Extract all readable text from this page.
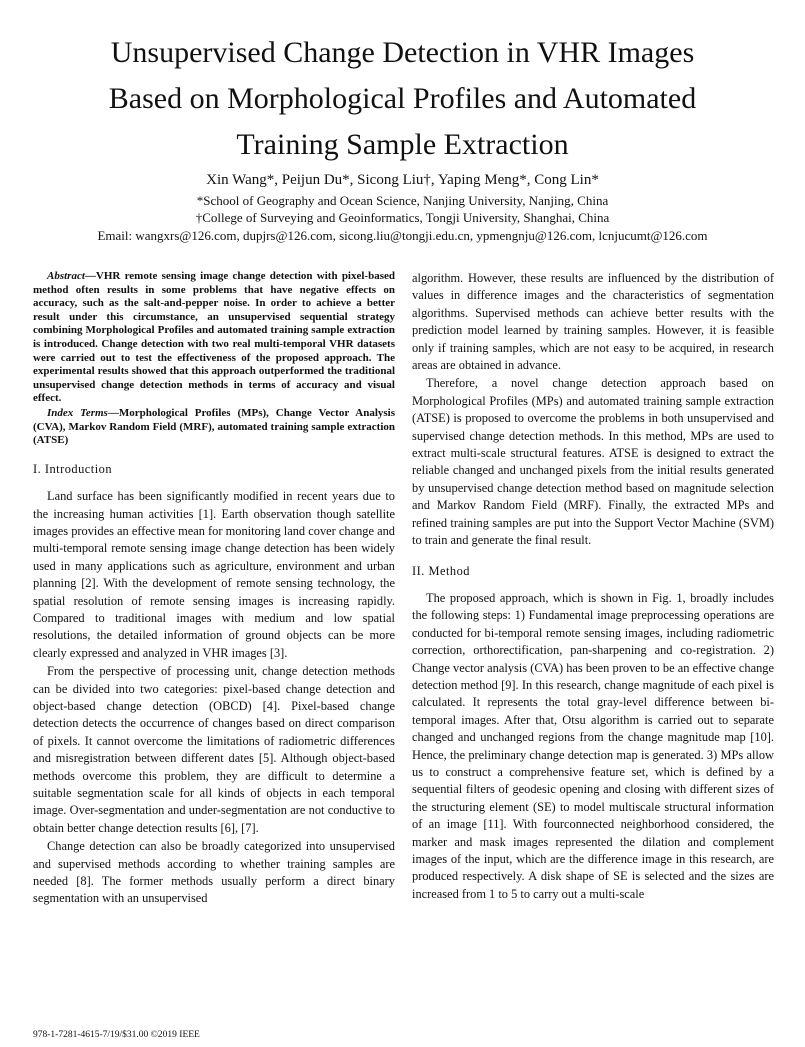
Unsupervised Change Detection in VHR Images
Based on Morphological Profiles and Automated
Training Sample Extraction
Xin Wang*, Peijun Du*, Sicong Liu†, Yaping Meng*, Cong Lin*
*School of Geography and Ocean Science, Nanjing University, Nanjing, China
†College of Surveying and Geoinformatics, Tongji University, Shanghai, China
Email: wangxrs@126.com, dupjrs@126.com, sicong.liu@tongji.edu.cn, ypmengnju@126.com, lcnjucumt@126.com

Abstract—VHR remote sensing image change detection with pixel-based method often results in some problems that have negative effects on accuracy, such as the salt-and-pepper noise. In order to achieve a better result under this circumstance, an unsupervised sequential strategy combining Morphological Profiles and automated training sample extraction is introduced. Change detection with two real multi-temporal VHR datasets were carried out to test the effectiveness of the proposed approach. The experimental results showed that this approach outperformed the traditional unsupervised change detection methods in terms of accuracy and visual effect.

Index Terms—Morphological Profiles (MPs), Change Vector Analysis (CVA), Markov Random Field (MRF), automated training sample extraction (ATSE)

I. Introduction

Land surface has been significantly modified in recent years due to the increasing human activities [1]. Earth observation though satellite images provides an effective mean for monitoring land cover change and multi-temporal remote sensing image change detection has been widely used in many applications such as agriculture, environment and urban planning [2]. With the development of remote sensing technology, the spatial resolution of remote sensing images is increasing rapidly. Compared to traditional images with medium and low spatial resolutions, the detailed information of ground objects can be more clearly expressed and analyzed in VHR images [3].

From the perspective of processing unit, change detection methods can be divided into two categories: pixel-based change detection and object-based change detection (OBCD) [4]. Pixel-based change detection detects the occurrence of changes based on direct comparison of pixels. It cannot overcome the limitations of radiometric differences and misregistration between different dates [5]. Although object-based methods overcome this problem, they are difficult to determine a suitable segmentation scale for all kinds of objects in each temporal image. Over-segmentation and under-segmentation are not conductive to obtain better change detection results [6], [7].

Change detection can also be broadly categorized into unsupervised and supervised methods according to whether training samples are needed [8]. The former methods usually perform a direct binary segmentation with an unsupervised

algorithm. However, these results are influenced by the distribution of values in difference images and the characteristics of segmentation algorithms. Supervised methods can achieve better results with the prediction model learned by training samples. However, it is feasible only if training samples, which are not easy to be acquired, in research areas are obtained in advance.

Therefore, a novel change detection approach based on Morphological Profiles (MPs) and automated training sample extraction (ATSE) is proposed to overcome the problems in both unsupervised and supervised change detection methods. In this method, MPs are used to extract multi-scale structural features. ATSE is designed to extract the reliable changed and unchanged pixels from the initial results generated by unsupervised change detection method based on magnitude selection and Markov Random Field (MRF). Finally, the extracted MPs and refined training samples are put into the Support Vector Machine (SVM) to train and generate the final result.

II. Method

The proposed approach, which is shown in Fig. 1, broadly includes the following steps: 1) Fundamental image preprocessing operations are conducted for bi-temporal remote sensing images, including radiometric correction, orthorectification, pan-sharpening and co-registration. 2) Change vector analysis (CVA) has been proven to be an effective change detection method [9]. In this research, change magnitude of each pixel is calculated. It represents the total gray-level difference between bi-temporal images. After that, Otsu algorithm is carried out to separate changed and unchanged regions from the change magnitude map [10]. Hence, the preliminary change detection map is generated. 3) MPs allow us to construct a comprehensive feature set, which is defined by a sequential filters of geodesic opening and closing with different sizes of the structuring element (SE) to model multiscale structural information of an image [11]. With fourconnected neighborhood considered, the marker and mask images represented the dilation and complement images of the input, which are the difference image in this research, are produced respectively. A disk shape of SE is selected and the sizes are increased from 1 to 5 to carry out a multi-scale

978-1-7281-4615-7/19/$31.00 ©2019 IEEE
